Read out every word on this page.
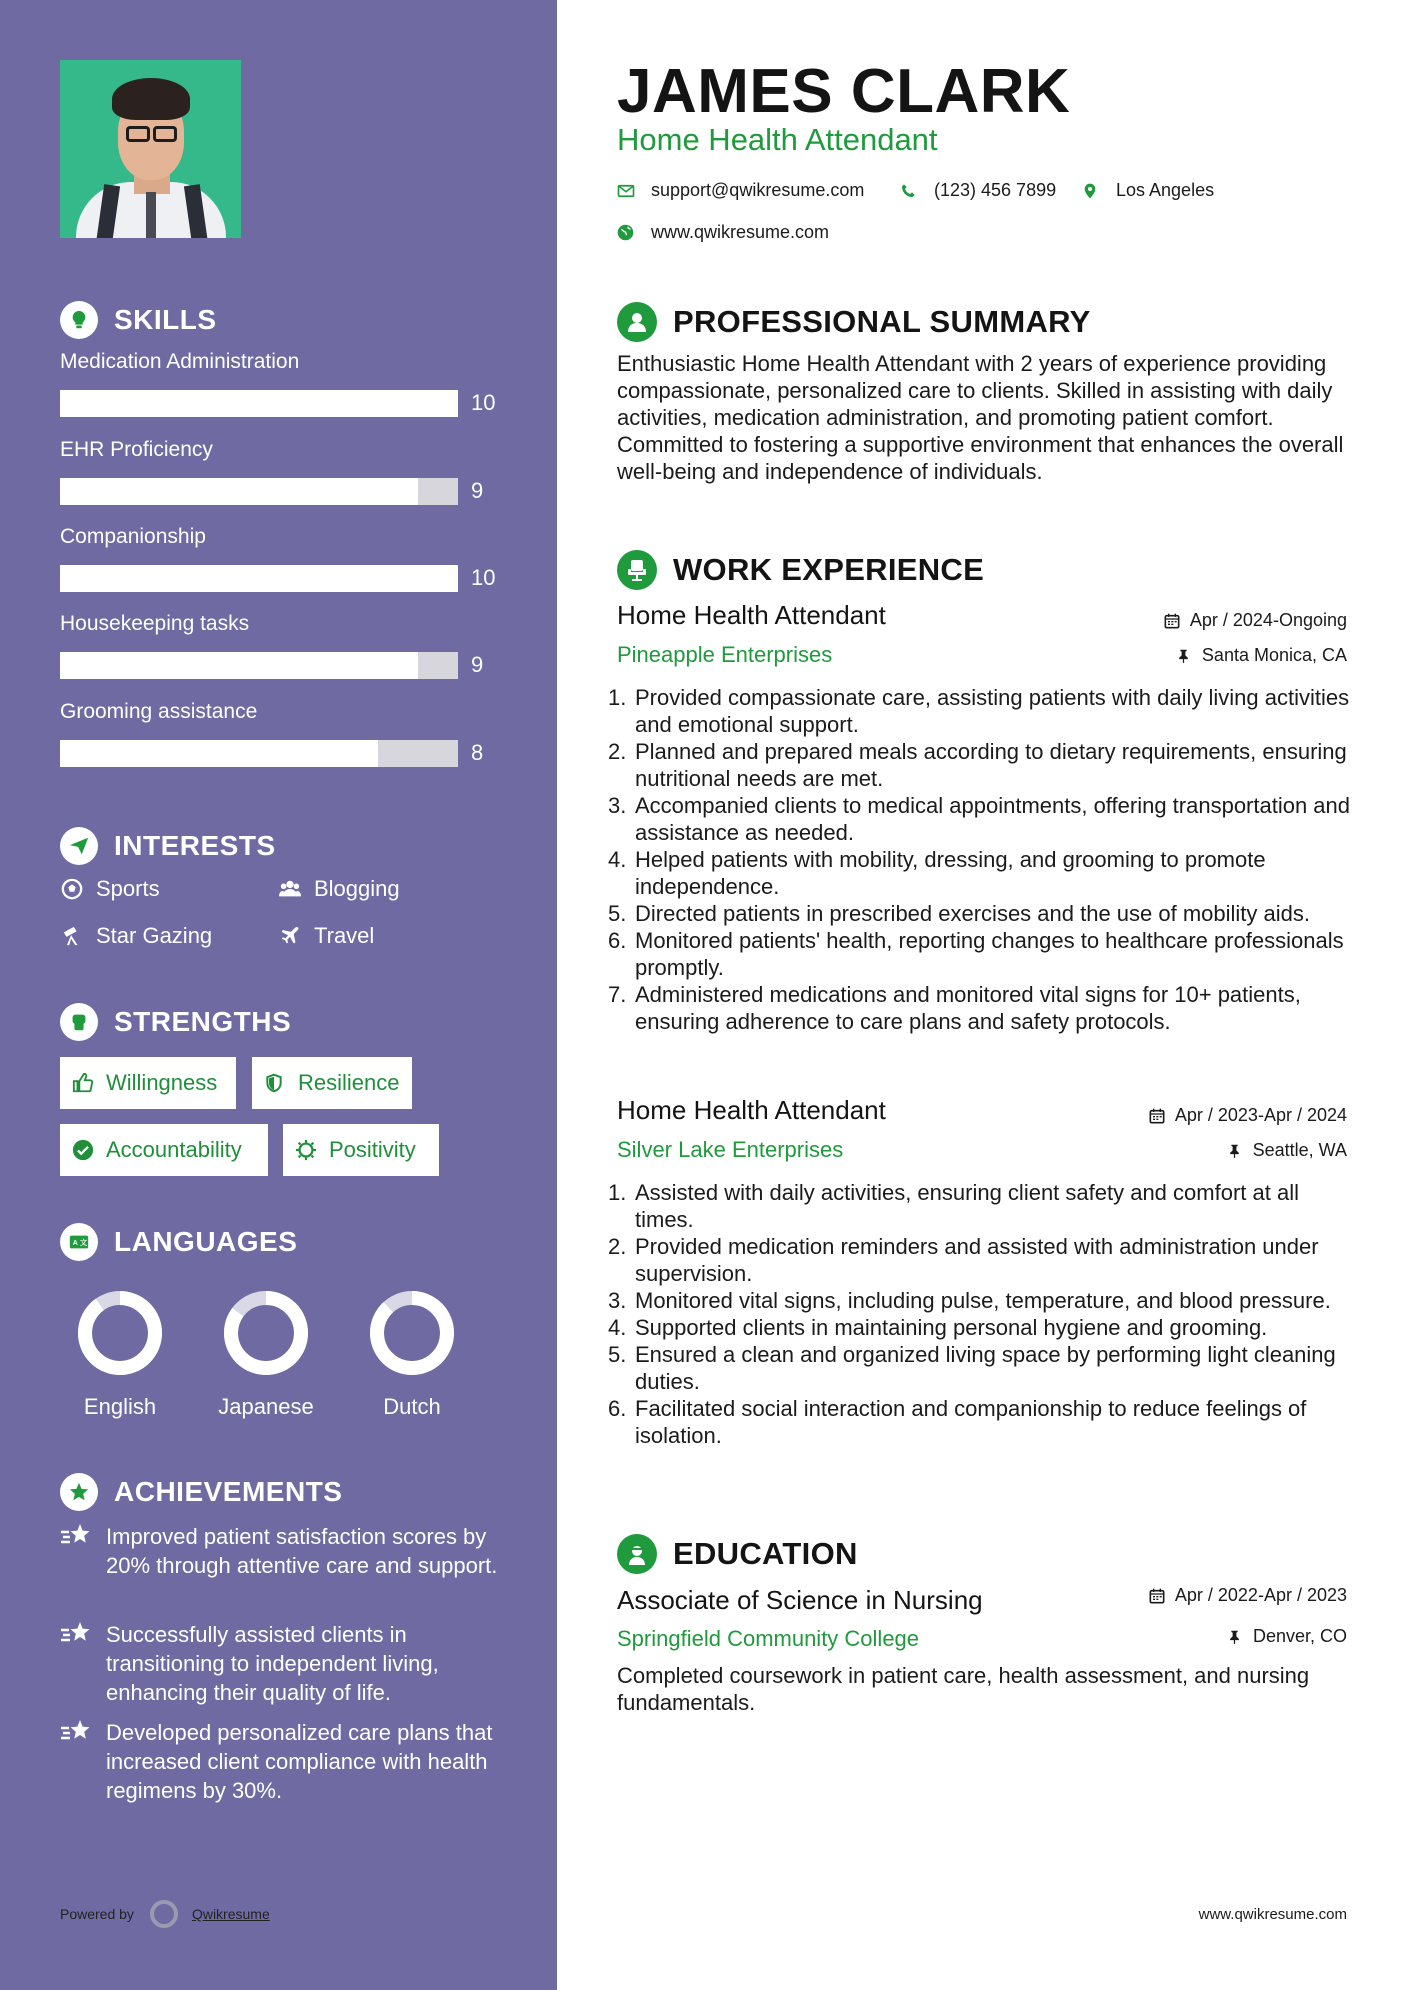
SKILLS
Medication Administration
10
EHR Proficiency
9
Companionship
10
Housekeeping tasks
9
Grooming assistance
8
INTERESTS
Sports	Blogging
Star Gazing	Travel
STRENGTHS
Willingness	Resilience
Accountability	Positivity
A 文 LANGUAGES
English	Japanese	Dutch
ACHIEVEMENTS
Improved patient satisfaction scores by 20% through attentive care and support.
Successfully assisted clients in transitioning to independent living, enhancing their quality of life.
Developed personalized care plans that increased client compliance with health regimens by 30%.
Powered by	Qwikresume
JAMES CLARK
Home Health Attendant
support@qwikresume.com	(123) 456 7899	Los Angeles
www.qwikresume.com
PROFESSIONAL SUMMARY
Enthusiastic Home Health Attendant with 2 years of experience providing compassionate, personalized care to clients. Skilled in assisting with daily activities, medication administration, and promoting patient comfort. Committed to fostering a supportive environment that enhances the overall well-being and independence of individuals.
WORK EXPERIENCE
Home Health Attendant	Apr / 2024-Ongoing
Pineapple Enterprises	Santa Monica, CA
1. Provided compassionate care, assisting patients with daily living activities and emotional support.
2. Planned and prepared meals according to dietary requirements, ensuring nutritional needs are met.
3. Accompanied clients to medical appointments, offering transportation and assistance as needed.
4. Helped patients with mobility, dressing, and grooming to promote independence.
5. Directed patients in prescribed exercises and the use of mobility aids.
6. Monitored patients' health, reporting changes to healthcare professionals promptly.
7. Administered medications and monitored vital signs for 10+ patients, ensuring adherence to care plans and safety protocols.
Home Health Attendant	Apr / 2023-Apr / 2024
Silver Lake Enterprises	Seattle, WA
1. Assisted with daily activities, ensuring client safety and comfort at all times.
2. Provided medication reminders and assisted with administration under supervision.
3. Monitored vital signs, including pulse, temperature, and blood pressure.
4. Supported clients in maintaining personal hygiene and grooming.
5. Ensured a clean and organized living space by performing light cleaning duties.
6. Facilitated social interaction and companionship to reduce feelings of isolation.
EDUCATION
Associate of Science in Nursing	Apr / 2022-Apr / 2023
Springfield Community College	Denver, CO
Completed coursework in patient care, health assessment, and nursing fundamentals.
www.qwikresume.com
